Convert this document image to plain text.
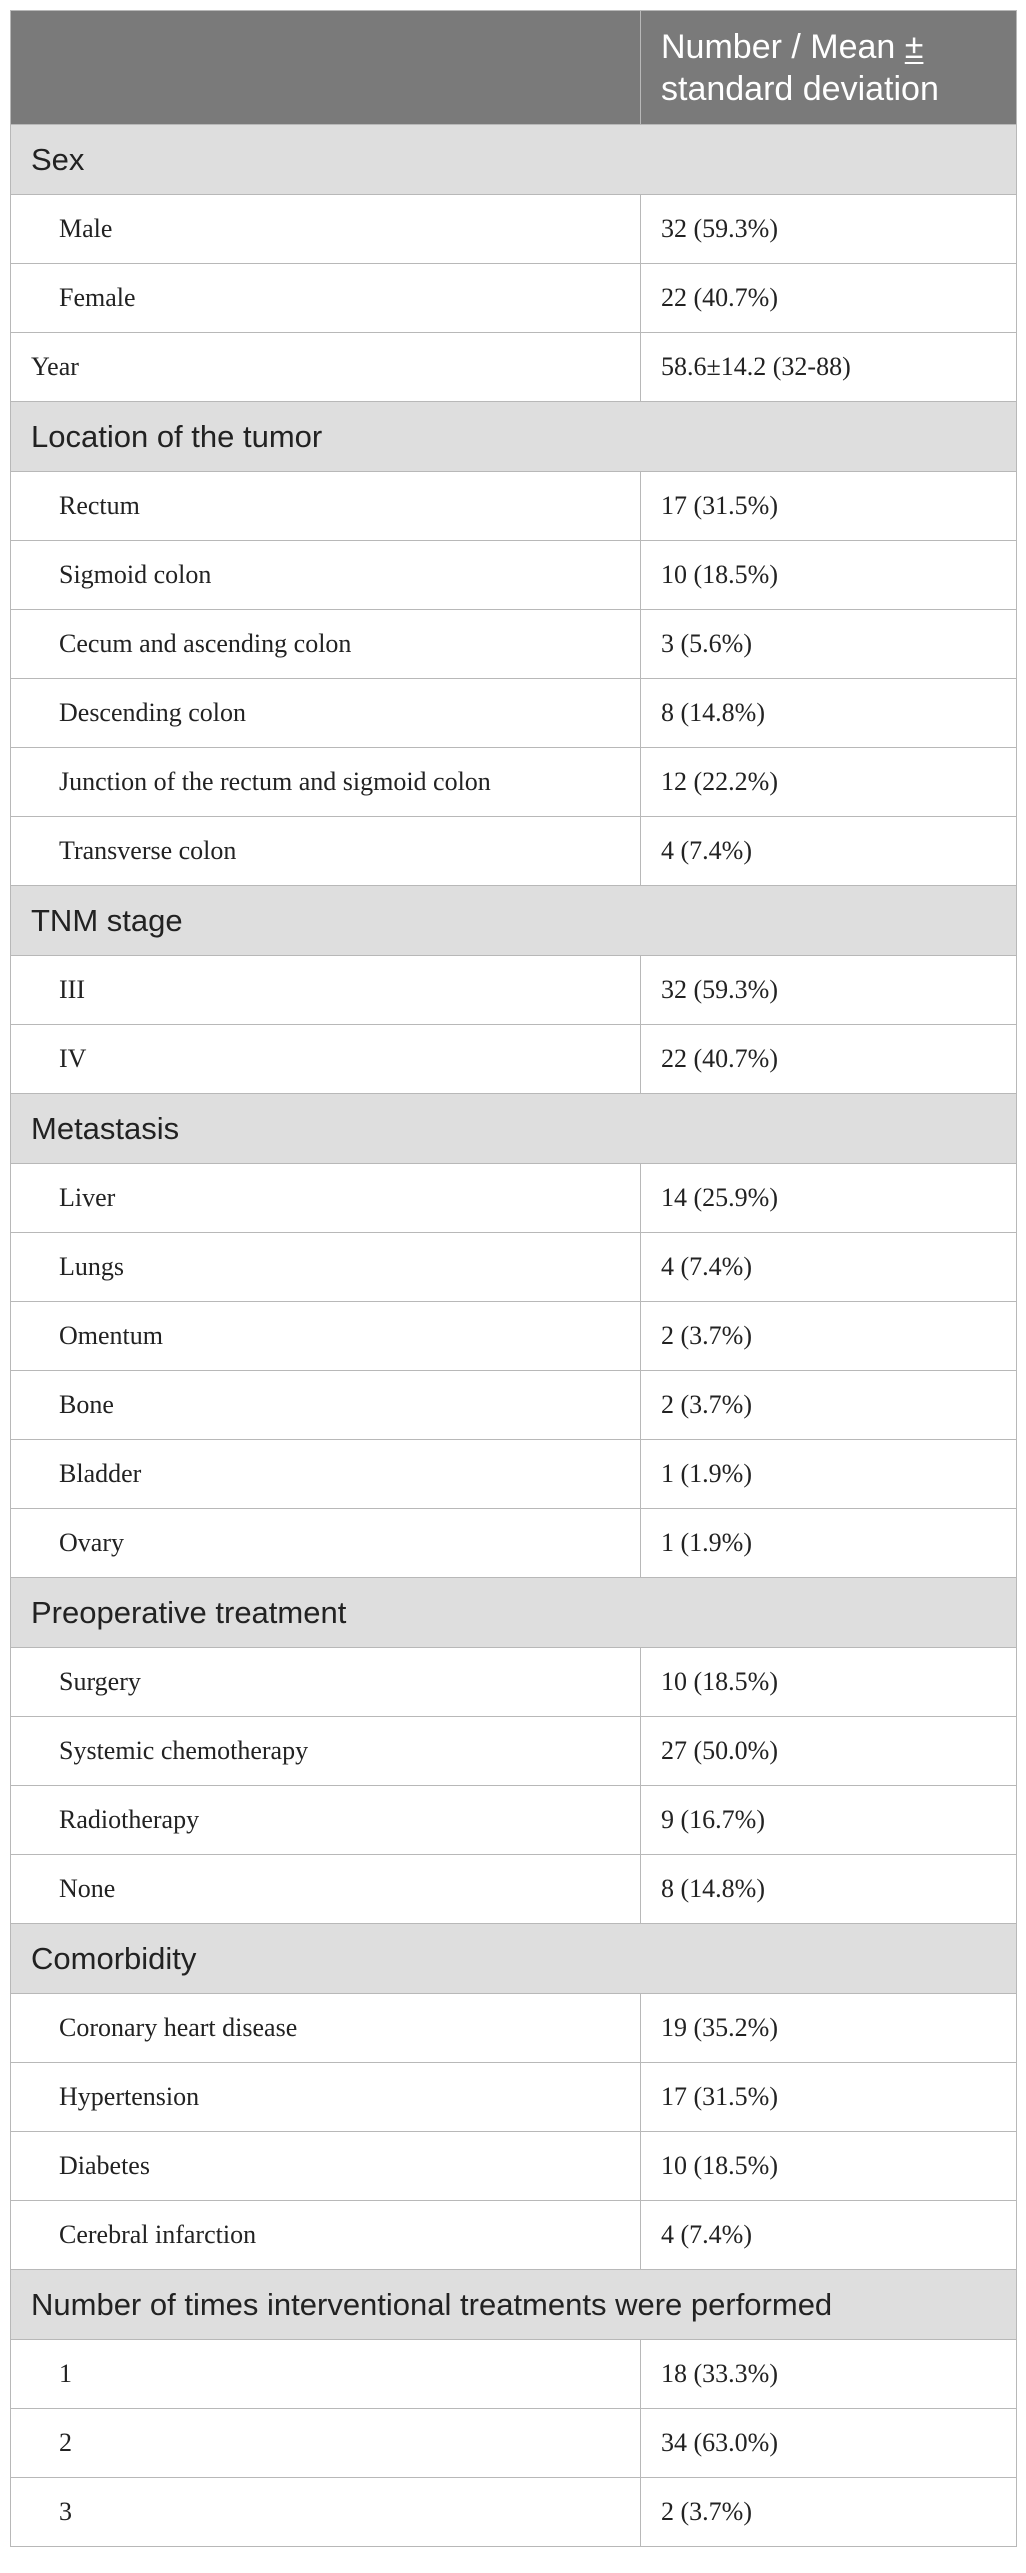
	Number / Mean ±
standard deviation
Sex	
Male	32 (59.3%)
Female	22 (40.7%)
Year	58.6±14.2 (32-88)
Location of the tumor	
Rectum	17 (31.5%)
Sigmoid colon	10 (18.5%)
Cecum and ascending colon	3 (5.6%)
Descending colon	8 (14.8%)
Junction of the rectum and sigmoid colon	12 (22.2%)
Transverse colon	4 (7.4%)
TNM stage	
III	32 (59.3%)
IV	22 (40.7%)
Metastasis	
Liver	14 (25.9%)
Lungs	4 (7.4%)
Omentum	2 (3.7%)
Bone	2 (3.7%)
Bladder	1 (1.9%)
Ovary	1 (1.9%)
Preoperative treatment	
Surgery	10 (18.5%)
Systemic chemotherapy	27 (50.0%)
Radiotherapy	9 (16.7%)
None	8 (14.8%)
Comorbidity	
Coronary heart disease	19 (35.2%)
Hypertension	17 (31.5%)
Diabetes	10 (18.5%)
Cerebral infarction	4 (7.4%)
Number of times interventional treatments were performed	
1	18 (33.3%)
2	34 (63.0%)
3	2 (3.7%)
